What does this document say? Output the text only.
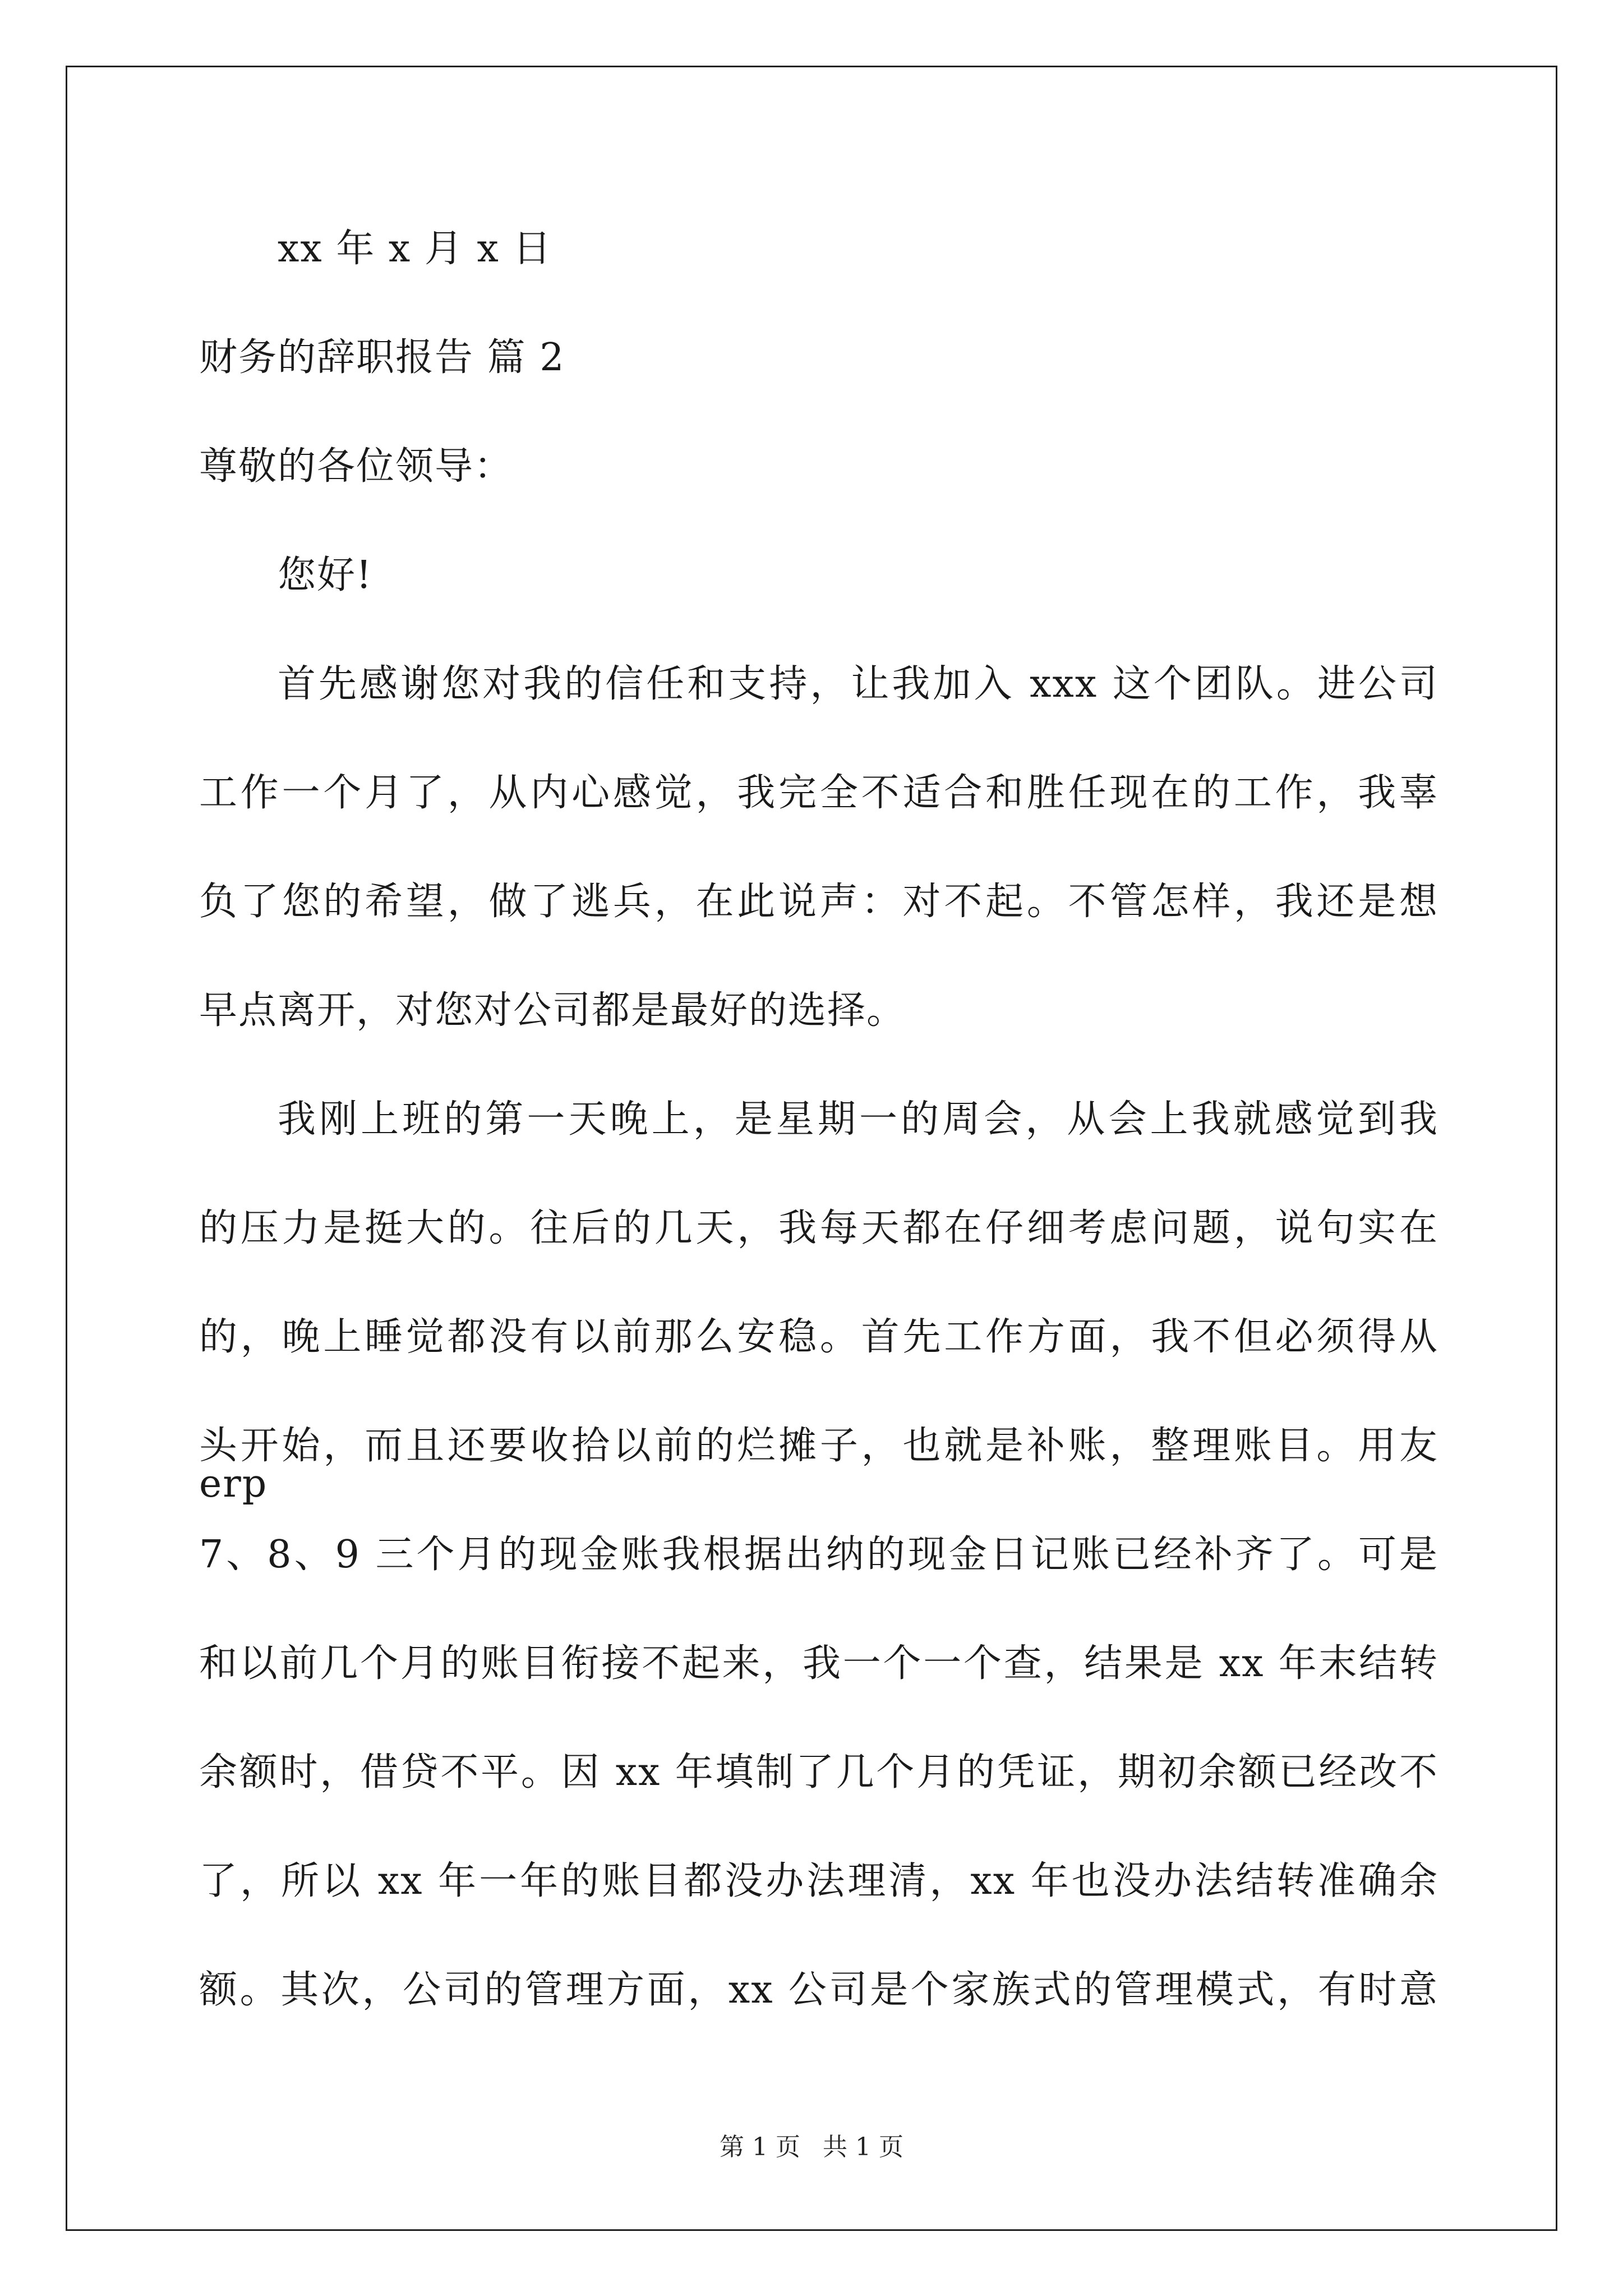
xx 年 x 月 x 日
财务的辞职报告 篇 2
尊敬的各位领导：
您好!
首先感谢您对我的信任和支持，让我加入 xxx 这个团队。进公司
工作一个月了，从内心感觉，我完全不适合和胜任现在的工作，我辜
负了您的希望，做了逃兵，在此说声：对不起。不管怎样，我还是想
早点离开，对您对公司都是最好的选择。
我刚上班的第一天晚上，是星期一的周会，从会上我就感觉到我
的压力是挺大的。往后的几天，我每天都在仔细考虑问题，说句实在
的，晚上睡觉都没有以前那么安稳。首先工作方面，我不但必须得从
头开始，而且还要收拾以前的烂摊子，也就是补账，整理账目。用友 erp
7、8、9 三个月的现金账我根据出纳的现金日记账已经补齐了。可是
和以前几个月的账目衔接不起来，我一个一个查，结果是 xx 年末结转
余额时，借贷不平。因 xx 年填制了几个月的凭证，期初余额已经改不
了，所以 xx 年一年的账目都没办法理清，xx 年也没办法结转准确余
额。其次，公司的管理方面，xx 公司是个家族式的管理模式，有时意
第 1 页 共 1 页
